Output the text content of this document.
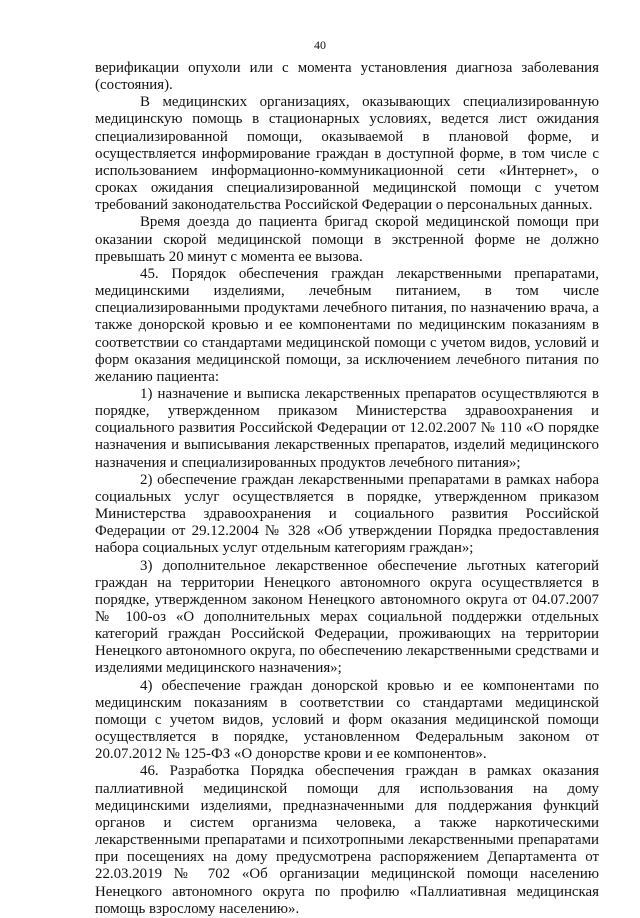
40

верификации опухоли или с момента установления диагноза заболевания (состояния).

В медицинских организациях, оказывающих специализированную медицинскую помощь в стационарных условиях, ведется лист ожидания специализированной помощи, оказываемой в плановой форме, и осуществляется информирование граждан в доступной форме, в том числе с использованием информационно-коммуникационной сети «Интернет», о сроках ожидания специализированной медицинской помощи с учетом требований законодательства Российской Федерации о персональных данных.

Время доезда до пациента бригад скорой медицинской помощи при оказании скорой медицинской помощи в экстренной форме не должно превышать 20 минут с момента ее вызова.

45. Порядок обеспечения граждан лекарственными препаратами, медицинскими изделиями, лечебным питанием, в том числе специализированными продуктами лечебного питания, по назначению врача, а также донорской кровью и ее компонентами по медицинским показаниям в соответствии со стандартами медицинской помощи с учетом видов, условий и форм оказания медицинской помощи, за исключением лечебного питания по желанию пациента:

1) назначение и выписка лекарственных препаратов осуществляются в порядке, утвержденном приказом Министерства здравоохранения и социального развития Российской Федерации от 12.02.2007 № 110 «О порядке назначения и выписывания лекарственных препаратов, изделий медицинского назначения и специализированных продуктов лечебного питания»;

2) обеспечение граждан лекарственными препаратами в рамках набора социальных услуг осуществляется в порядке, утвержденном приказом Министерства здравоохранения и социального развития Российской Федерации от 29.12.2004 № 328 «Об утверждении Порядка предоставления набора социальных услуг отдельным категориям граждан»;

3) дополнительное лекарственное обеспечение льготных категорий граждан на территории Ненецкого автономного округа осуществляется в порядке, утвержденном законом Ненецкого автономного округа от 04.07.2007 № 100-оз «О дополнительных мерах социальной поддержки отдельных категорий граждан Российской Федерации, проживающих на территории Ненецкого автономного округа, по обеспечению лекарственными средствами и изделиями медицинского назначения»;

4) обеспечение граждан донорской кровью и ее компонентами по медицинским показаниям в соответствии со стандартами медицинской помощи с учетом видов, условий и форм оказания медицинской помощи осуществляется в порядке, установленном Федеральным законом от 20.07.2012 № 125-ФЗ «О донорстве крови и ее компонентов».

46. Разработка Порядка обеспечения граждан в рамках оказания паллиативной медицинской помощи для использования на дому медицинскими изделиями, предназначенными для поддержания функций органов и систем организма человека, а также наркотическими лекарственными препаратами и психотропными лекарственными препаратами при посещениях на дому предусмотрена распоряжением Департамента от 22.03.2019 № 702 «Об организации медицинской помощи населению Ненецкого автономного округа по профилю «Паллиативная медицинская помощь взрослому населению».
